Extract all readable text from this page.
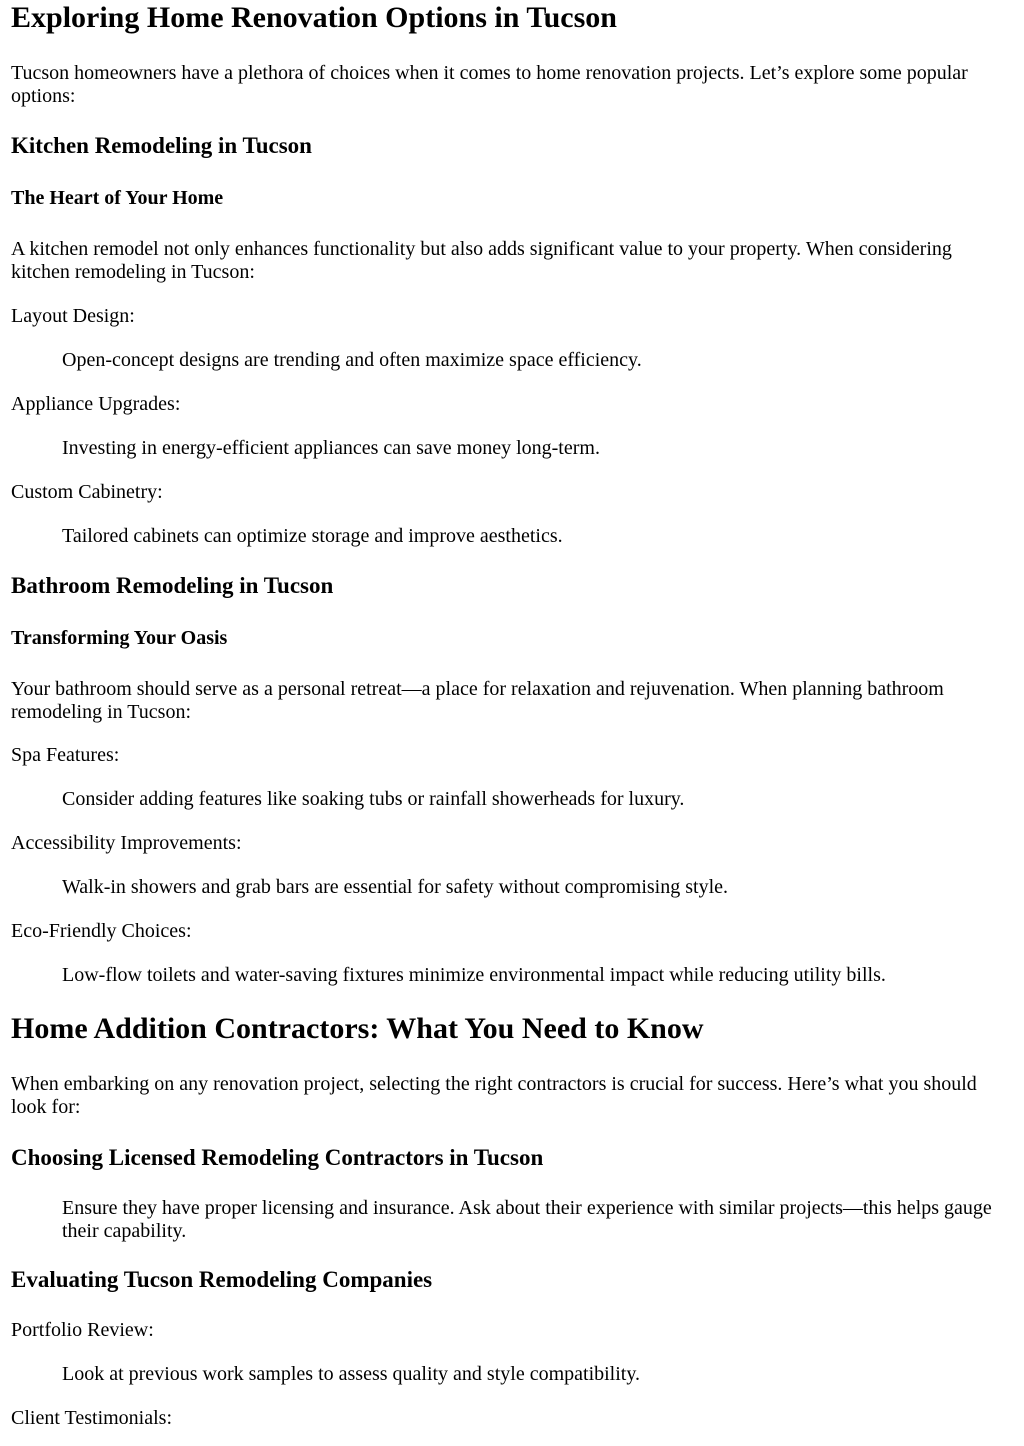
Exploring Home Renovation Options in Tucson

Tucson homeowners have a plethora of choices when it comes to home renovation projects. Let’s explore some popular options:

Kitchen Remodeling in Tucson
The Heart of Your Home

A kitchen remodel not only enhances functionality but also adds significant value to your property. When considering kitchen remodeling in Tucson:

Layout Design:

Open-concept designs are trending and often maximize space efficiency.

Appliance Upgrades:

Investing in energy-efficient appliances can save money long-term.

Custom Cabinetry:

Tailored cabinets can optimize storage and improve aesthetics.
Bathroom Remodeling in Tucson
Transforming Your Oasis

Your bathroom should serve as a personal retreat—a place for relaxation and rejuvenation. When planning bathroom remodeling in Tucson:

Spa Features:

Consider adding features like soaking tubs or rainfall showerheads for luxury.

Accessibility Improvements:

Walk-in showers and grab bars are essential for safety without compromising style.

Eco-Friendly Choices:

Low-flow toilets and water-saving fixtures minimize environmental impact while reducing utility bills.
Home Addition Contractors: What You Need to Know

When embarking on any renovation project, selecting the right contractors is crucial for success. Here’s what you should look for:

Choosing Licensed Remodeling Contractors in Tucson
Ensure they have proper licensing and insurance. Ask about their experience with similar projects—this helps gauge their capability.
Evaluating Tucson Remodeling Companies

Portfolio Review:

Look at previous work samples to assess quality and style compatibility.

Client Testimonials:
